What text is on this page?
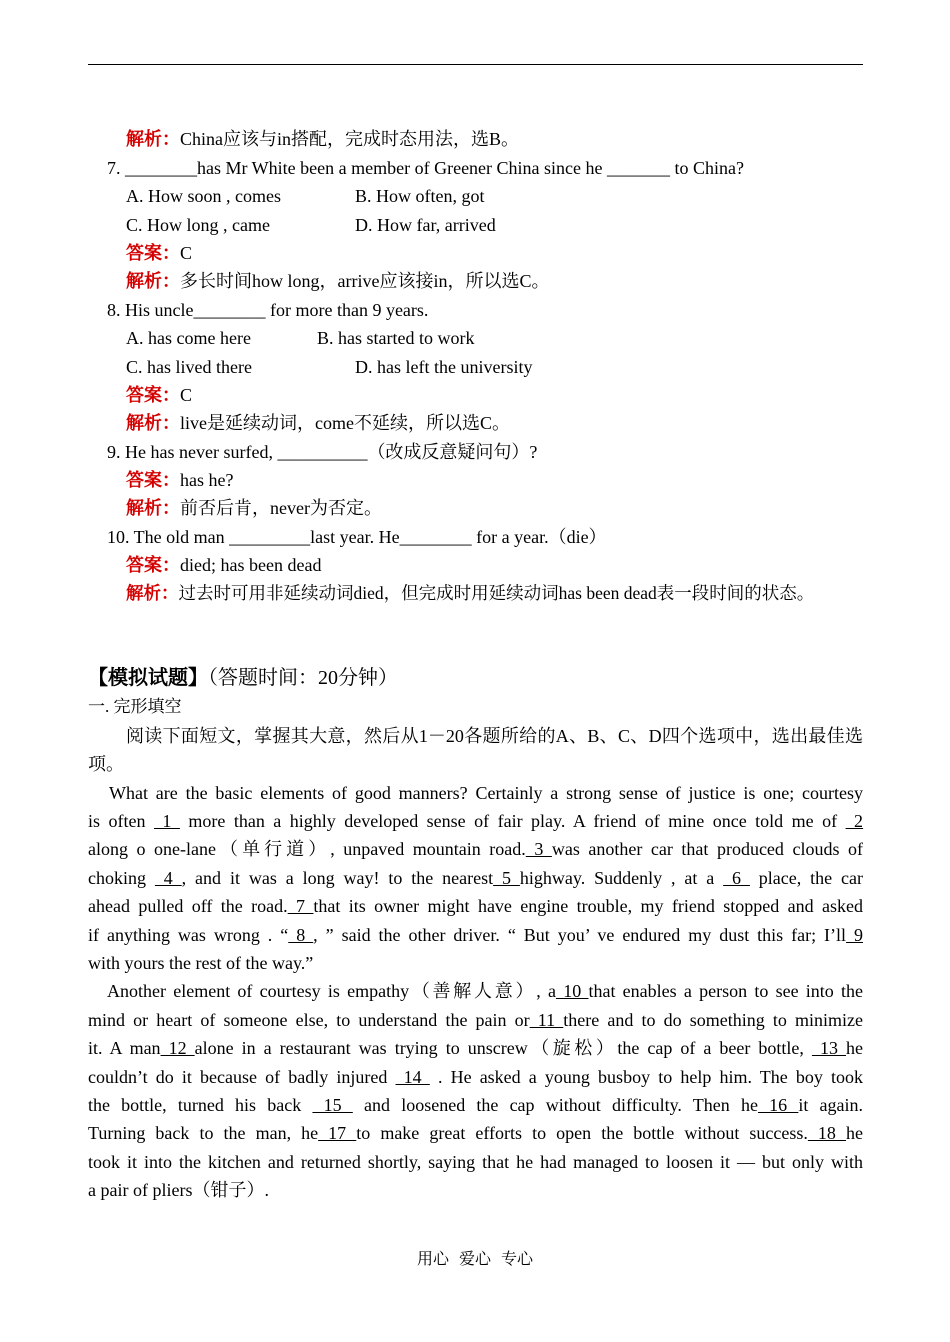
解析：China应该与in搭配，完成时态用法，选B。
7. ________has Mr White been a member of Greener China since he _______ to China?
A. How soon , comes	B. How often, got
C. How long , came	D. How far, arrived
答案：C
解析：多长时间how long，arrive应该接in，所以选C。
8. His uncle________ for more than 9 years.
A. has come here	B. has started to work
C. has lived there	D. has left the university
答案：C
解析：live是延续动词，come不延续，所以选C。
9. He has never surfed, __________（改成反意疑问句）?
答案：has he?
解析：前否后肯，never为否定。
10. The old man _________last year. He________ for a year.（die）
答案：died; has been dead
解析：过去时可用非延续动词died，但完成时用延续动词has been dead表一段时间的状态。
【模拟试题】（答题时间：20分钟）
一. 完形填空
阅读下面短文，掌握其大意，然后从1－20各题所给的A、B、C、D四个选项中，选出最佳选
项。
What are the basic elements of good manners? Certainly a strong sense of justice is one; courtesy
is often  1  more than a highly developed sense of fair play. A friend of mine once told me of  2
along o one-lane（单行道）, unpaved mountain road. 3 was another car that produced clouds of
choking  4 , and it was a long way! to the nearest 5 highway. Suddenly , at a  6  place, the car
ahead pulled off the road. 7 that its owner might have engine trouble, my friend stopped and asked
if anything was wrong . “ 8 , ” said the other driver. “ But you’ ve endured my dust this far; I’ll 9
with yours the rest of the way.”
Another element of courtesy is empathy（善解人意）, a 10 that enables a person to see into the
mind or heart of someone else, to understand the pain or 11 there and to do something to minimize
it. A man 12 alone in a restaurant was trying to unscrew（旋松）the cap of a beer bottle,  13 he
couldn’t do it because of badly injured  14  . He asked a young busboy to help him. The boy took
the bottle, turned his back  15  and loosened the cap without difficulty. Then he 16 it again.
Turning back to the man, he 17 to make great efforts to open the bottle without success. 18 he
took it into the kitchen and returned shortly, saying that he had managed to loosen it — but only with
a pair of pliers（钳子）.
用心 爱心 专心
